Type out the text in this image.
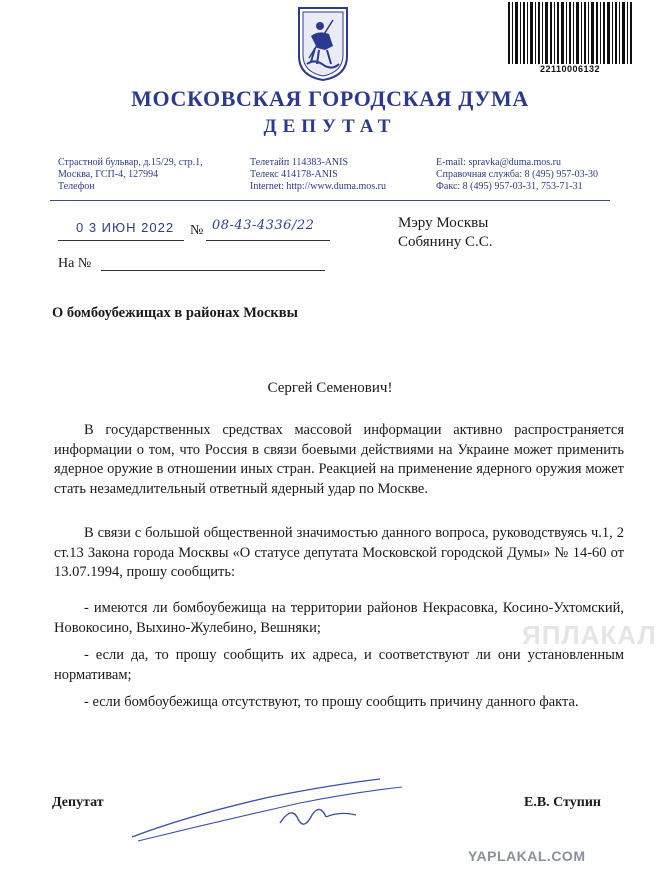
22110006132
МОСКОВСКАЯ ГОРОДСКАЯ ДУМА
ДЕПУТАТ
Страстной бульвар, д.15/29, стр.1,
Москва, ГСП-4, 127994
Телефон
Телетайп 114383-ANIS
Телекс 414178-ANIS
Internet: http://www.duma.mos.ru
E-mail: spravka@duma.mos.ru
Справочная служба: 8 (495) 957-03-30
Факс: 8 (495) 957-03-31, 753-71-31
0 3 ИЮН 2022 № 08-43-4336/22
На №
Мэру Москвы
Собянину С.С.
О бомбоубежищах в районах Москвы
Сергей Семенович!
В государственных средствах массовой информации активно распространяется информации о том, что Россия в связи боевыми действиями на Украине может применить ядерное оружие в отношении иных стран. Реакцией на применение ядерного оружия может стать незамедлительный ответный ядерный удар по Москве.
В связи с большой общественной значимостью данного вопроса, руководствуясь ч.1, 2 ст.13 Закона города Москвы «О статусе депутата Московской городской Думы» № 14-60 от 13.07.1994, прошу сообщить:
- имеются ли бомбоубежища на территории районов Некрасовка, Косино-Ухтомский, Новокосино, Выхино-Жулебино, Вешняки;
- если да, то прошу сообщить их адреса, и соответствуют ли они установленным нормативам;
- если бомбоубежища отсутствуют, то прошу сообщить причину данного факта.
ЯПЛАКАЛ
Депутат	Е.В. Ступин
YAPLAKAL.COM
